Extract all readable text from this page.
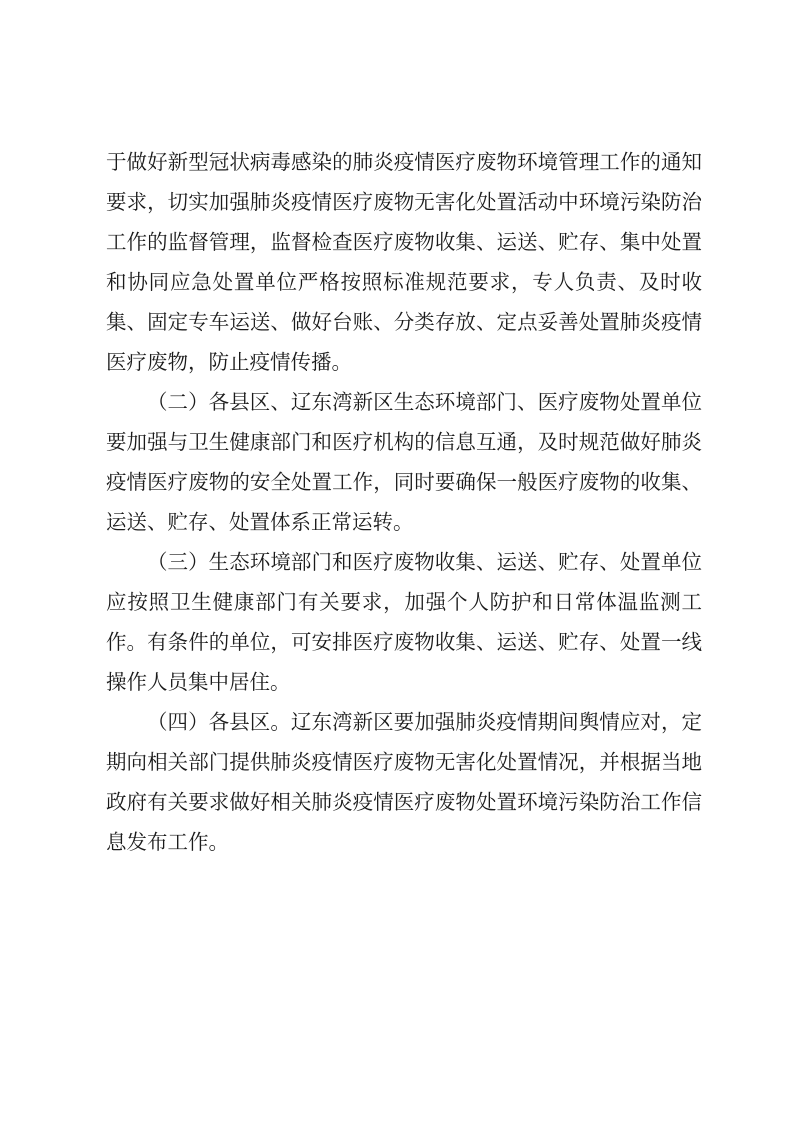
于做好新型冠状病毒感染的肺炎疫情医疗废物环境管理工作的通知要求，切实加强肺炎疫情医疗废物无害化处置活动中环境污染防治工作的监督管理，监督检查医疗废物收集、运送、贮存、集中处置和协同应急处置单位严格按照标准规范要求，专人负责、及时收集、固定专车运送、做好台账、分类存放、定点妥善处置肺炎疫情医疗废物，防止疫情传播。

（二）各县区、辽东湾新区生态环境部门、医疗废物处置单位要加强与卫生健康部门和医疗机构的信息互通，及时规范做好肺炎疫情医疗废物的安全处置工作，同时要确保一般医疗废物的收集、运送、贮存、处置体系正常运转。

（三）生态环境部门和医疗废物收集、运送、贮存、处置单位应按照卫生健康部门有关要求，加强个人防护和日常体温监测工作。有条件的单位，可安排医疗废物收集、运送、贮存、处置一线操作人员集中居住。

（四）各县区。辽东湾新区要加强肺炎疫情期间舆情应对，定期向相关部门提供肺炎疫情医疗废物无害化处置情况，并根据当地政府有关要求做好相关肺炎疫情医疗废物处置环境污染防治工作信息发布工作。
